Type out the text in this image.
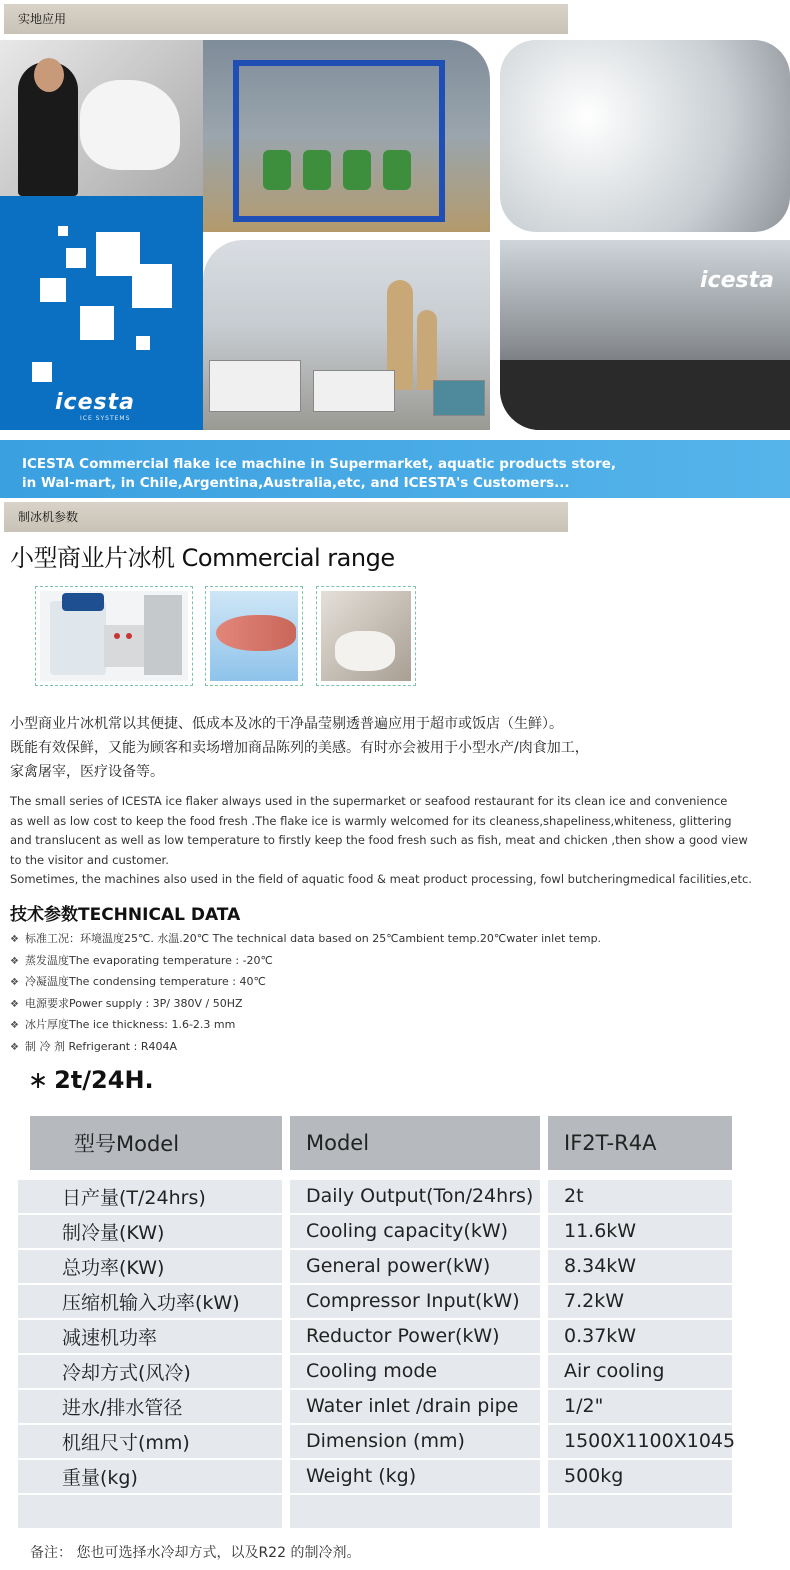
实地应用
icesta
ICE SYSTEMS
icesta
ICESTA Commercial flake ice machine in Supermarket, aquatic products store,
in Wal-mart, in Chile,Argentina,Australia,etc, and ICESTA's Customers...
制冰机参数
小型商业片冰机 Commercial range
小型商业片冰机常以其便捷、低成本及冰的干净晶莹剔透普遍应用于超市或饭店（生鲜）。
既能有效保鲜，又能为顾客和卖场增加商品陈列的美感。有时亦会被用于小型水产/肉食加工，
家禽屠宰，医疗设备等。
The small series of ICESTA ice flaker always used in the supermarket or seafood restaurant for its clean ice and convenience
as well as low cost to keep the food fresh .The flake ice is warmly welcomed for its cleaness,shapeliness,whiteness, glittering
and translucent as well as low temperature to firstly keep the food fresh such as fish, meat and chicken ,then show a good view
to the visitor and customer.
Sometimes, the machines also used in the field of aquatic food & meat product processing, fowl butcheringmedical facilities,etc.
技术参数TECHNICAL DATA
❖ 标准工况：环境温度25℃. 水温.20℃ The technical data based on 25℃ambient temp.20℃water inlet temp.
❖ 蒸发温度The evaporating temperature : -20℃
❖ 冷凝温度The condensing temperature : 40℃
❖ 电源要求Power supply : 3P/ 380V / 50HZ
❖ 冰片厚度The ice thickness: 1.6-2.3 mm
❖ 制 冷 剂 Refrigerant : R404A
∗ 2t/24H.
型号Model
日产量(T/24hrs)
制冷量(KW)
总功率(KW)
压缩机输入功率(kW)
减速机功率
冷却方式(风冷)
进水/排水管径
机组尺寸(mm)
重量(kg)
Model
Daily Output(Ton/24hrs)
Cooling capacity(kW)
General power(kW)
Compressor Input(kW)
Reductor Power(kW)
Cooling mode
Water inlet /drain pipe
Dimension (mm)
Weight (kg)
IF2T-R4A
2t
11.6kW
8.34kW
7.2kW
0.37kW
Air cooling
1/2"
1500X1100X1045
500kg
备注： 您也可选择水冷却方式，以及R22 的制冷剂。
